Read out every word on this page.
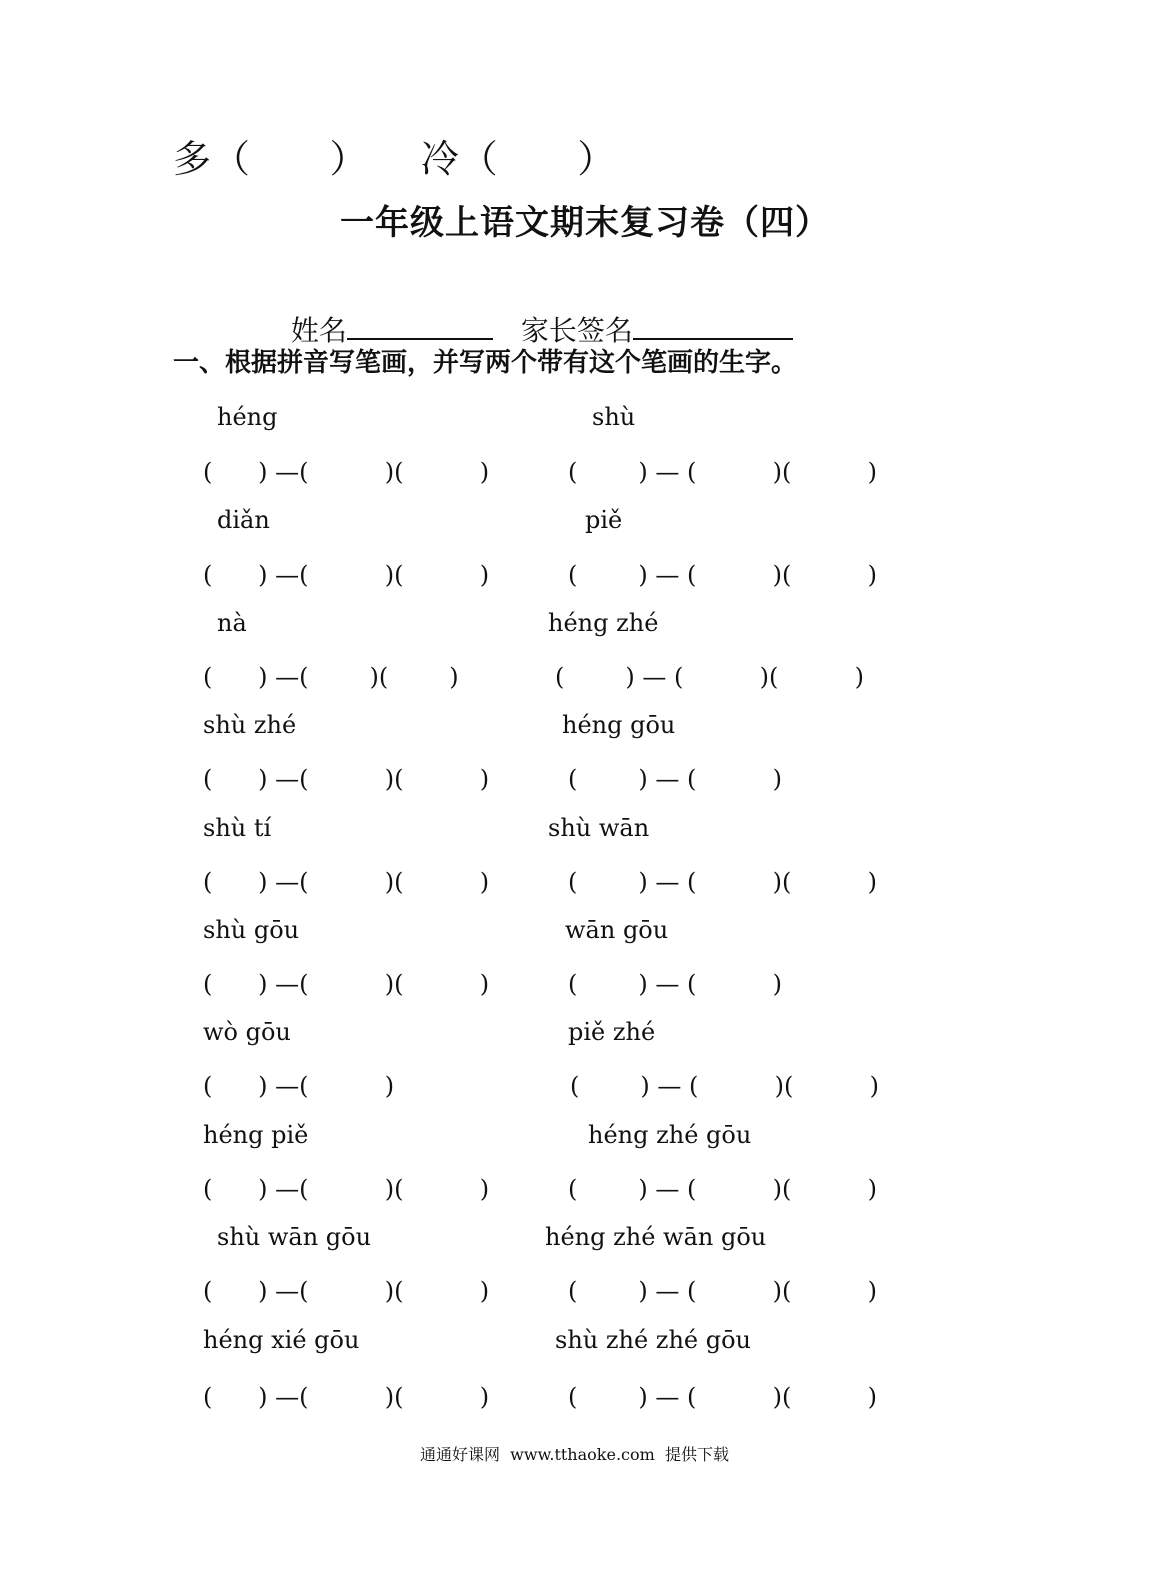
多（      ）    冷（      ）
一年级上语文期末复习卷（四）

姓名	家长签名

一、根据拼音写笔画，并写两个带有这个笔画的生字。
héng	shù
(      ) —(          )(          )	(        ) — (          )(          )
diǎn	piě
(      ) —(          )(          )	(        ) — (          )(          )
nà	héng zhé
(      ) —(        )(        )	(        ) — (          )(          )
shù zhé	héng gōu
(      ) —(          )(          )	(        ) — (          )
shù tí	shù wān
(      ) —(          )(          )	(        ) — (          )(          )
shù gōu	wān gōu
(      ) —(          )(          )	(        ) — (          )
wò gōu	piě zhé
(      ) —(          )	(        ) — (          )(          )
héng piě	héng zhé gōu
(      ) —(          )(          )	(        ) — (          )(          )
shù wān gōu	héng zhé wān gōu
(      ) —(          )(          )	(        ) — (          )(          )
héng xié gōu	shù zhé zhé gōu
(      ) —(          )(          )	(        ) — (          )(          )
通通好课网  www.tthaoke.com  提供下载
